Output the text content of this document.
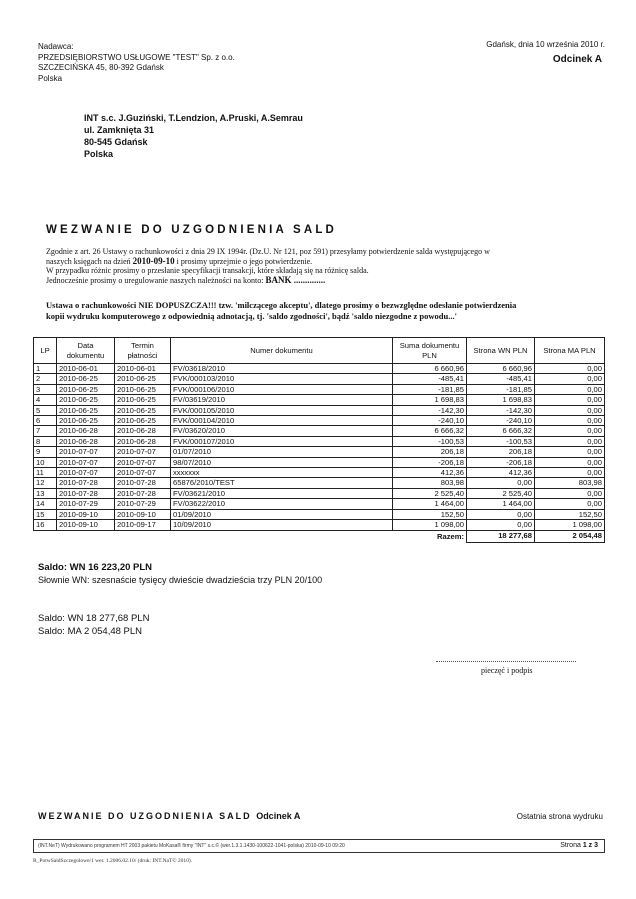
Nadawca:
PRZEDSIĘBIORSTWO USŁUGOWE "TEST" Sp. z o.o.
SZCZECIŃSKA 45, 80-392 Gdańsk
Polska
Gdańsk, dnia 10 września 2010 r.
Odcinek A
INT s.c. J.Guziński, T.Lendzion, A.Pruski, A.Semrau
ul. Zamknięta 31
80-545 Gdańsk
Polska
WEZWANIE DO UZGODNIENIA SALD

Zgodnie z art. 26 Ustawy o rachunkowości z dnia 29 IX 1994r. (Dz.U. Nr 121, poz 591) przesyłamy potwierdzenie salda występującego w

naszych księgach na dzień 2010-09-10 i prosimy uprzejmie o jego potwierdzenie.

W przypadku różnic prosimy o przesłanie specyfikacji transakcji, które składają się na różnicę salda.

Jednocześnie prosimy o uregulowanie naszych należności na konto: BANK ..............

Ustawa o rachunkowości NIE DOPUSZCZA!!! tzw. 'milczącego akceptu', dlatego prosimy o bezwzględne odesłanie potwierdzenia

kopii wydruku komputerowego z odpowiednią adnotacją, tj. 'saldo zgodności', bądź 'saldo niezgodne z powodu...'

LP	Data dokumentu	Termin płatności	Numer dokumentu	Suma dokumentu PLN	Strona WN PLN	Strona MA PLN
1	2010-06-01	2010-06-01	FV/03618/2010	6 660,96	6 660,96	0,00
2	2010-06-25	2010-06-25	FVK/000103/2010	-485,41	-485,41	0,00
3	2010-06-25	2010-06-25	FVK/000106/2010	-181,85	-181,85	0,00
4	2010-06-25	2010-06-25	FV/03619/2010	1 698,83	1 698,83	0,00
5	2010-06-25	2010-06-25	FVK/000105/2010	-142,30	-142,30	0,00
6	2010-06-25	2010-06-25	FVK/000104/2010	-240,10	-240,10	0,00
7	2010-06-28	2010-06-28	FV/03620/2010	6 666,32	6 666,32	0,00
8	2010-06-28	2010-06-28	FVK/000107/2010	-100,53	-100,53	0,00
9	2010-07-07	2010-07-07	01/07/2010	206,18	206,18	0,00
10	2010-07-07	2010-07-07	98/07/2010	-206,18	-206,18	0,00
11	2010-07-07	2010-07-07	xxxxxxx	412,36	412,36	0,00
12	2010-07-28	2010-07-28	65876/2010/TEST	803,98	0,00	803,98
13	2010-07-28	2010-07-28	FV/03621/2010	2 525,40	2 525,40	0,00
14	2010-07-29	2010-07-29	FV/03622/2010	1 464,00	1 464,00	0,00
15	2010-09-10	2010-09-10	01/09/2010	152,50	0,00	152,50
16	2010-09-10	2010-09-17	10/09/2010	1 098,00	0,00	1 098,00
				Razem:	18 277,68	2 054,48
Saldo: WN 16 223,20 PLN
Słownie WN: szesnaście tysięcy dwieście dwadzieścia trzy PLN 20/100
Saldo: WN 18 277,68 PLN
Saldo: MA 2 054,48 PLN
pieczęć i podpis
WEZWANIE DO UZGODNIENIA SALD Odcinek A	Ostatnia strona wydruku
(INT.NeT) Wydrukowano programem HT 2003 pakietu MoKasa® firmy "INT" s.c.© (wer.1.3.1.1430-100622-1041-polska) 2010-09-10 09:20	Strona 1 z 3
R_PotwSaldSzczegolowe/1 wer. 1.2006.02.10/ (druk: INT.NaT© 2010).
